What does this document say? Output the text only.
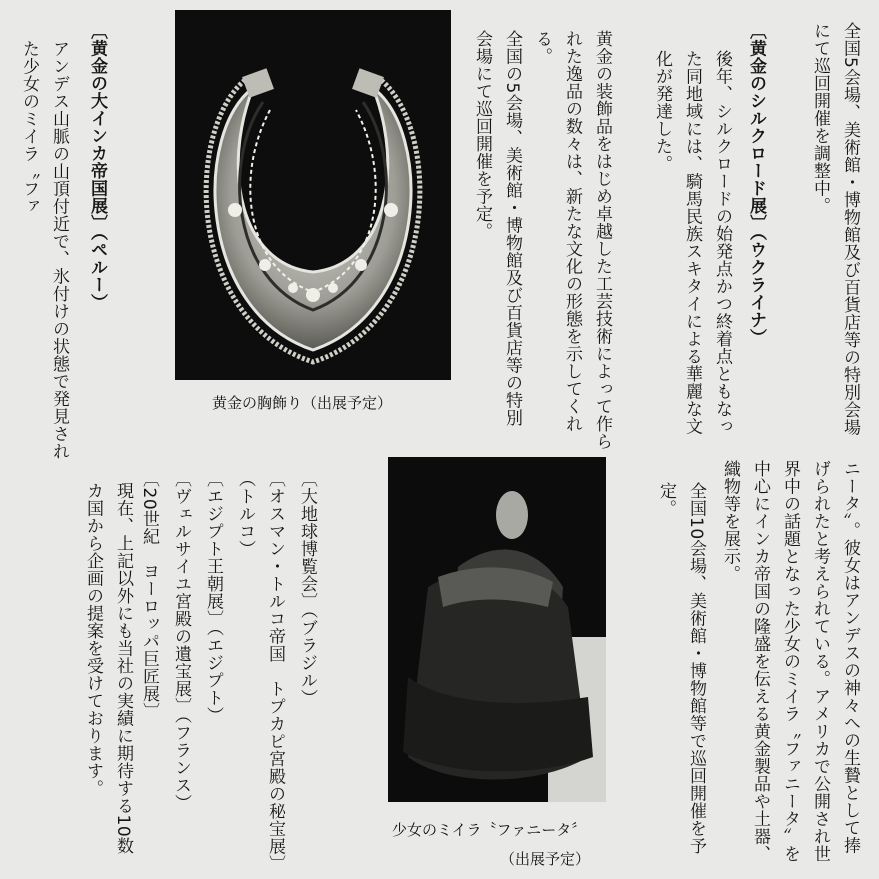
全国5会場、美術館・博物館及び百貨店等の特別会場にて巡回開催を調整中。
〔黄金のシルクロード展〕（ウクライナ）
後年、シルクロードの始発点かつ終着点ともなった同地域には、騎馬民族スキタイによる華麗な文化が発達した。
黄金の装飾品をはじめ卓越した工芸技術によって作られた逸品の数々は、新たな文化の形態を示してくれる。
全国の5会場、美術館・博物館及び百貨店等の特別会場にて巡回開催を予定。
黄金の胸飾り（出展予定）
ニータ〞。彼女はアンデスの神々への生贄として捧げられたと考えられている。アメリカで公開され世界中の話題となった少女のミイラ〝ファニータ〞を中心にインカ帝国の隆盛を伝える黄金製品や土器、織物等を展示。
全国10会場、美術館・博物館等で巡回開催を予定。
少女のミイラ〝ファニータ〞
（出展予定）

〔大地球博覧会〕（ブラジル）
〔オスマン・トルコ帝国　トプカピ宮殿の秘宝展〕（トルコ）
〔エジプト王朝展〕（エジプト）
〔ヴェルサイユ宮殿の遺宝展〕（フランス）
〔20世紀　ヨーロッパ巨匠展〕

〔黄金の大インカ帝国展〕（ペルー）
アンデス山脈の山頂付近で、氷付けの状態で発見された少女のミイラ〝ファ
現在、上記以外にも当社の実績に期待する10数カ国から企画の提案を受けております。
